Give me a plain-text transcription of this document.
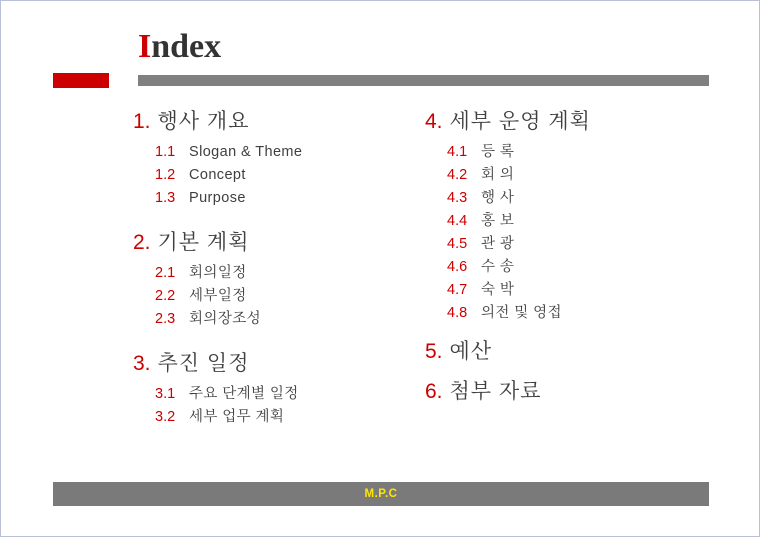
Index
1. 행사 개요
1.1 Slogan & Theme
1.2 Concept
1.3 Purpose
2. 기본 계획
2.1 회의일정
2.2 세부일정
2.3 회의장조성
3. 추진 일정
3.1 주요 단계별 일정
3.2 세부 업무 계획
4. 세부 운영 계획
4.1 등 록
4.2 회 의
4.3 행 사
4.4 홍 보
4.5 관 광
4.6 수 송
4.7 숙 박
4.8 의전 및 영접
5. 예산
6. 첨부 자료
M.P.C
